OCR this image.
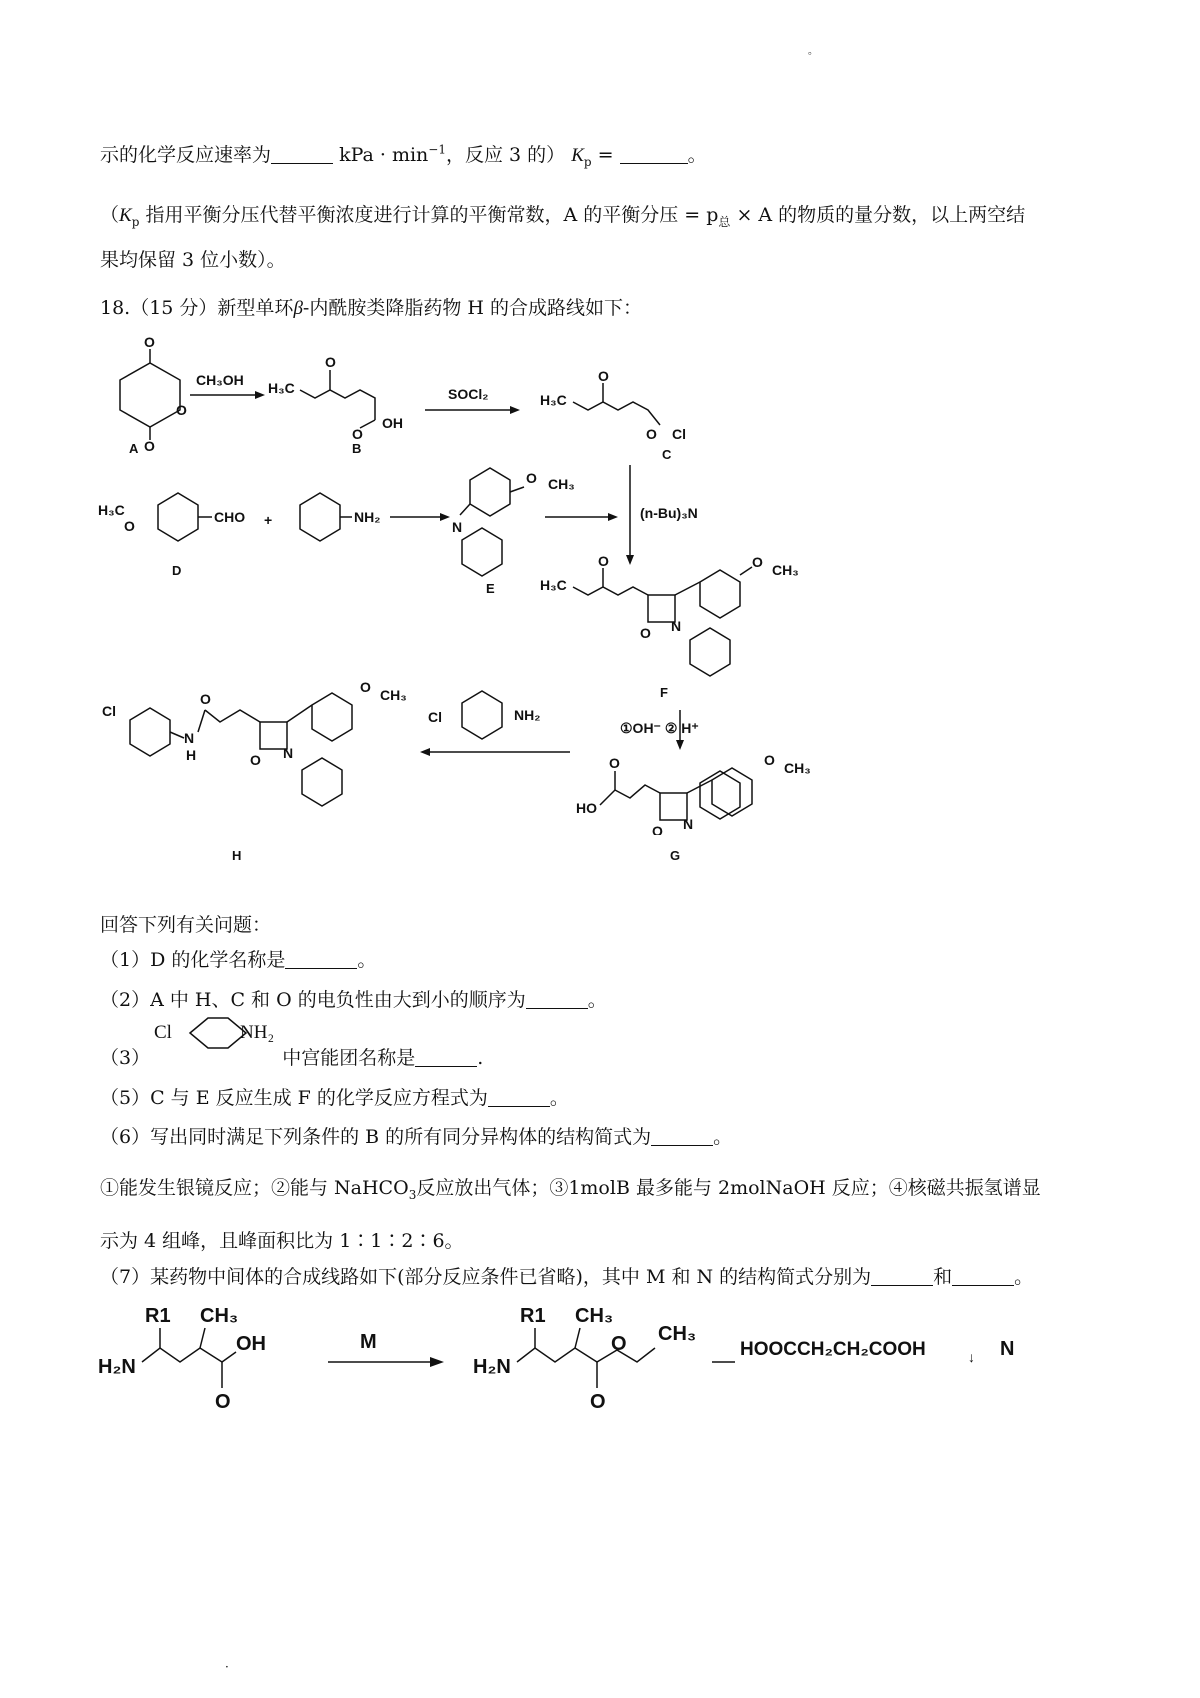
。
示的化学反应速率为	kPa · $\min^{-1}$，反应 3 的） $K_p$ =	。
（$K_p$ 指用平衡分压代替平衡浓度进行计算的平衡常数，A 的平衡分压 = $p_总 \times A$ 的物质的量分数，以上两空结
果均保留 3 位小数）。
18.（15 分）新型单环β-内酰胺类降脂药物 H 的合成路线如下：
O
O
O
A
CH₃OH H₃C
O
O
OH
B
SOCl₂	H₃C
O
O Cl
C
(n-Bu)₃N
H₃C
O
CHO
D
+	NH₂
O CH₃
N
E	H₃C
O
O N
O CH₃
F
①OH⁻ ② H⁺
HO
O
O N
O CH₃
G
Cl	NH₂
Cl
N
H
O
O N
O CH₃
H
回答下列有关问题：
（1）D 的化学名称是	。
（2）A 中 H、C 和 O 的电负性由大到小的顺序为	。
（3）	中宫能团名称是	.
Cl	NH₂
（5）C 与 E 反应生成 F 的化学反应方程式为	。
（6）写出同时满足下列条件的 B 的所有同分异构体的结构简式为	。
①能发生银镜反应；②能与 NaHCO$_3$反应放出气体；③1molB 最多能与 2molNaOH 反应；④核磁共振氢谱显
示为 4 组峰，且峰面积比为 1∶1∶2∶6。
（7）某药物中间体的合成线路如下(部分反应条件已省略)，其中 M 和 N 的结构简式分别为	和	。
R1 CH₃
H₂N
OH
O
M
R1 CH₃
H₂N
O CH₃
O
HOOCCH₂CH₂COOH	↓ N
·
